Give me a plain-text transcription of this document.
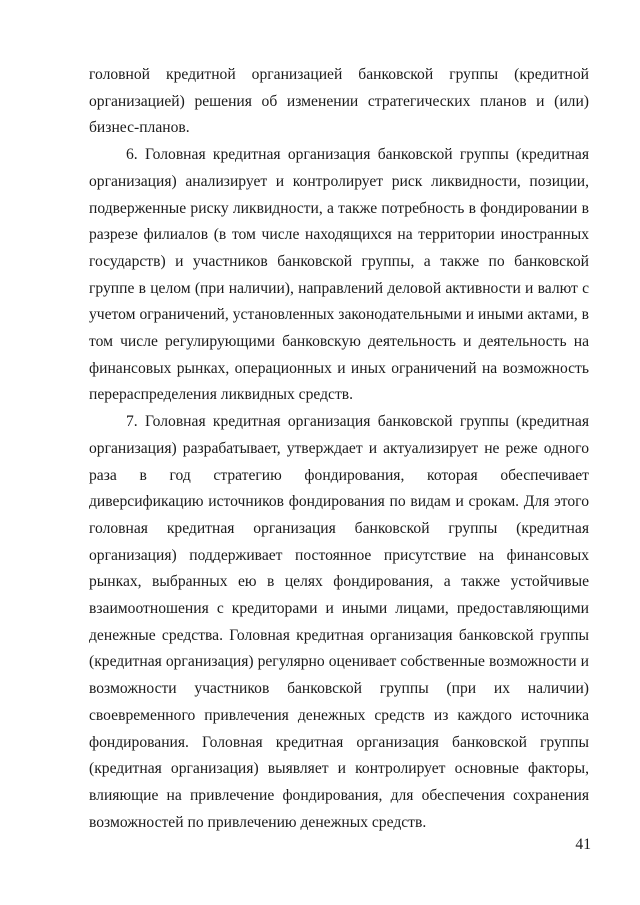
головной кредитной организацией банковской группы (кредитной организацией) решения об изменении стратегических планов и (или) бизнес-планов.

6. Головная кредитная организация банковской группы (кредитная организация) анализирует и контролирует риск ликвидности, позиции, подверженные риску ликвидности, а также потребность в фондировании в разрезе филиалов (в том числе находящихся на территории иностранных государств) и участников банковской группы, а также по банковской группе в целом (при наличии), направлений деловой активности и валют с учетом ограничений, установленных законодательными и иными актами, в том числе регулирующими банковскую деятельность и деятельность на финансовых рынках, операционных и иных ограничений на возможность перераспределения ликвидных средств.

7. Головная кредитная организация банковской группы (кредитная организация) разрабатывает, утверждает и актуализирует не реже одного раза в год стратегию фондирования, которая обеспечивает диверсификацию источников фондирования по видам и срокам. Для этого головная кредитная организация банковской группы (кредитная организация) поддерживает постоянное присутствие на финансовых рынках, выбранных ею в целях фондирования, а также устойчивые взаимоотношения с кредиторами и иными лицами, предоставляющими денежные средства. Головная кредитная организация банковской группы (кредитная организация) регулярно оценивает собственные возможности и возможности участников банковской группы (при их наличии) своевременного привлечения денежных средств из каждого источника фондирования. Головная кредитная организация банковской группы (кредитная организация) выявляет и контролирует основные факторы, влияющие на привлечение фондирования, для обеспечения сохранения возможностей по привлечению денежных средств.

41
